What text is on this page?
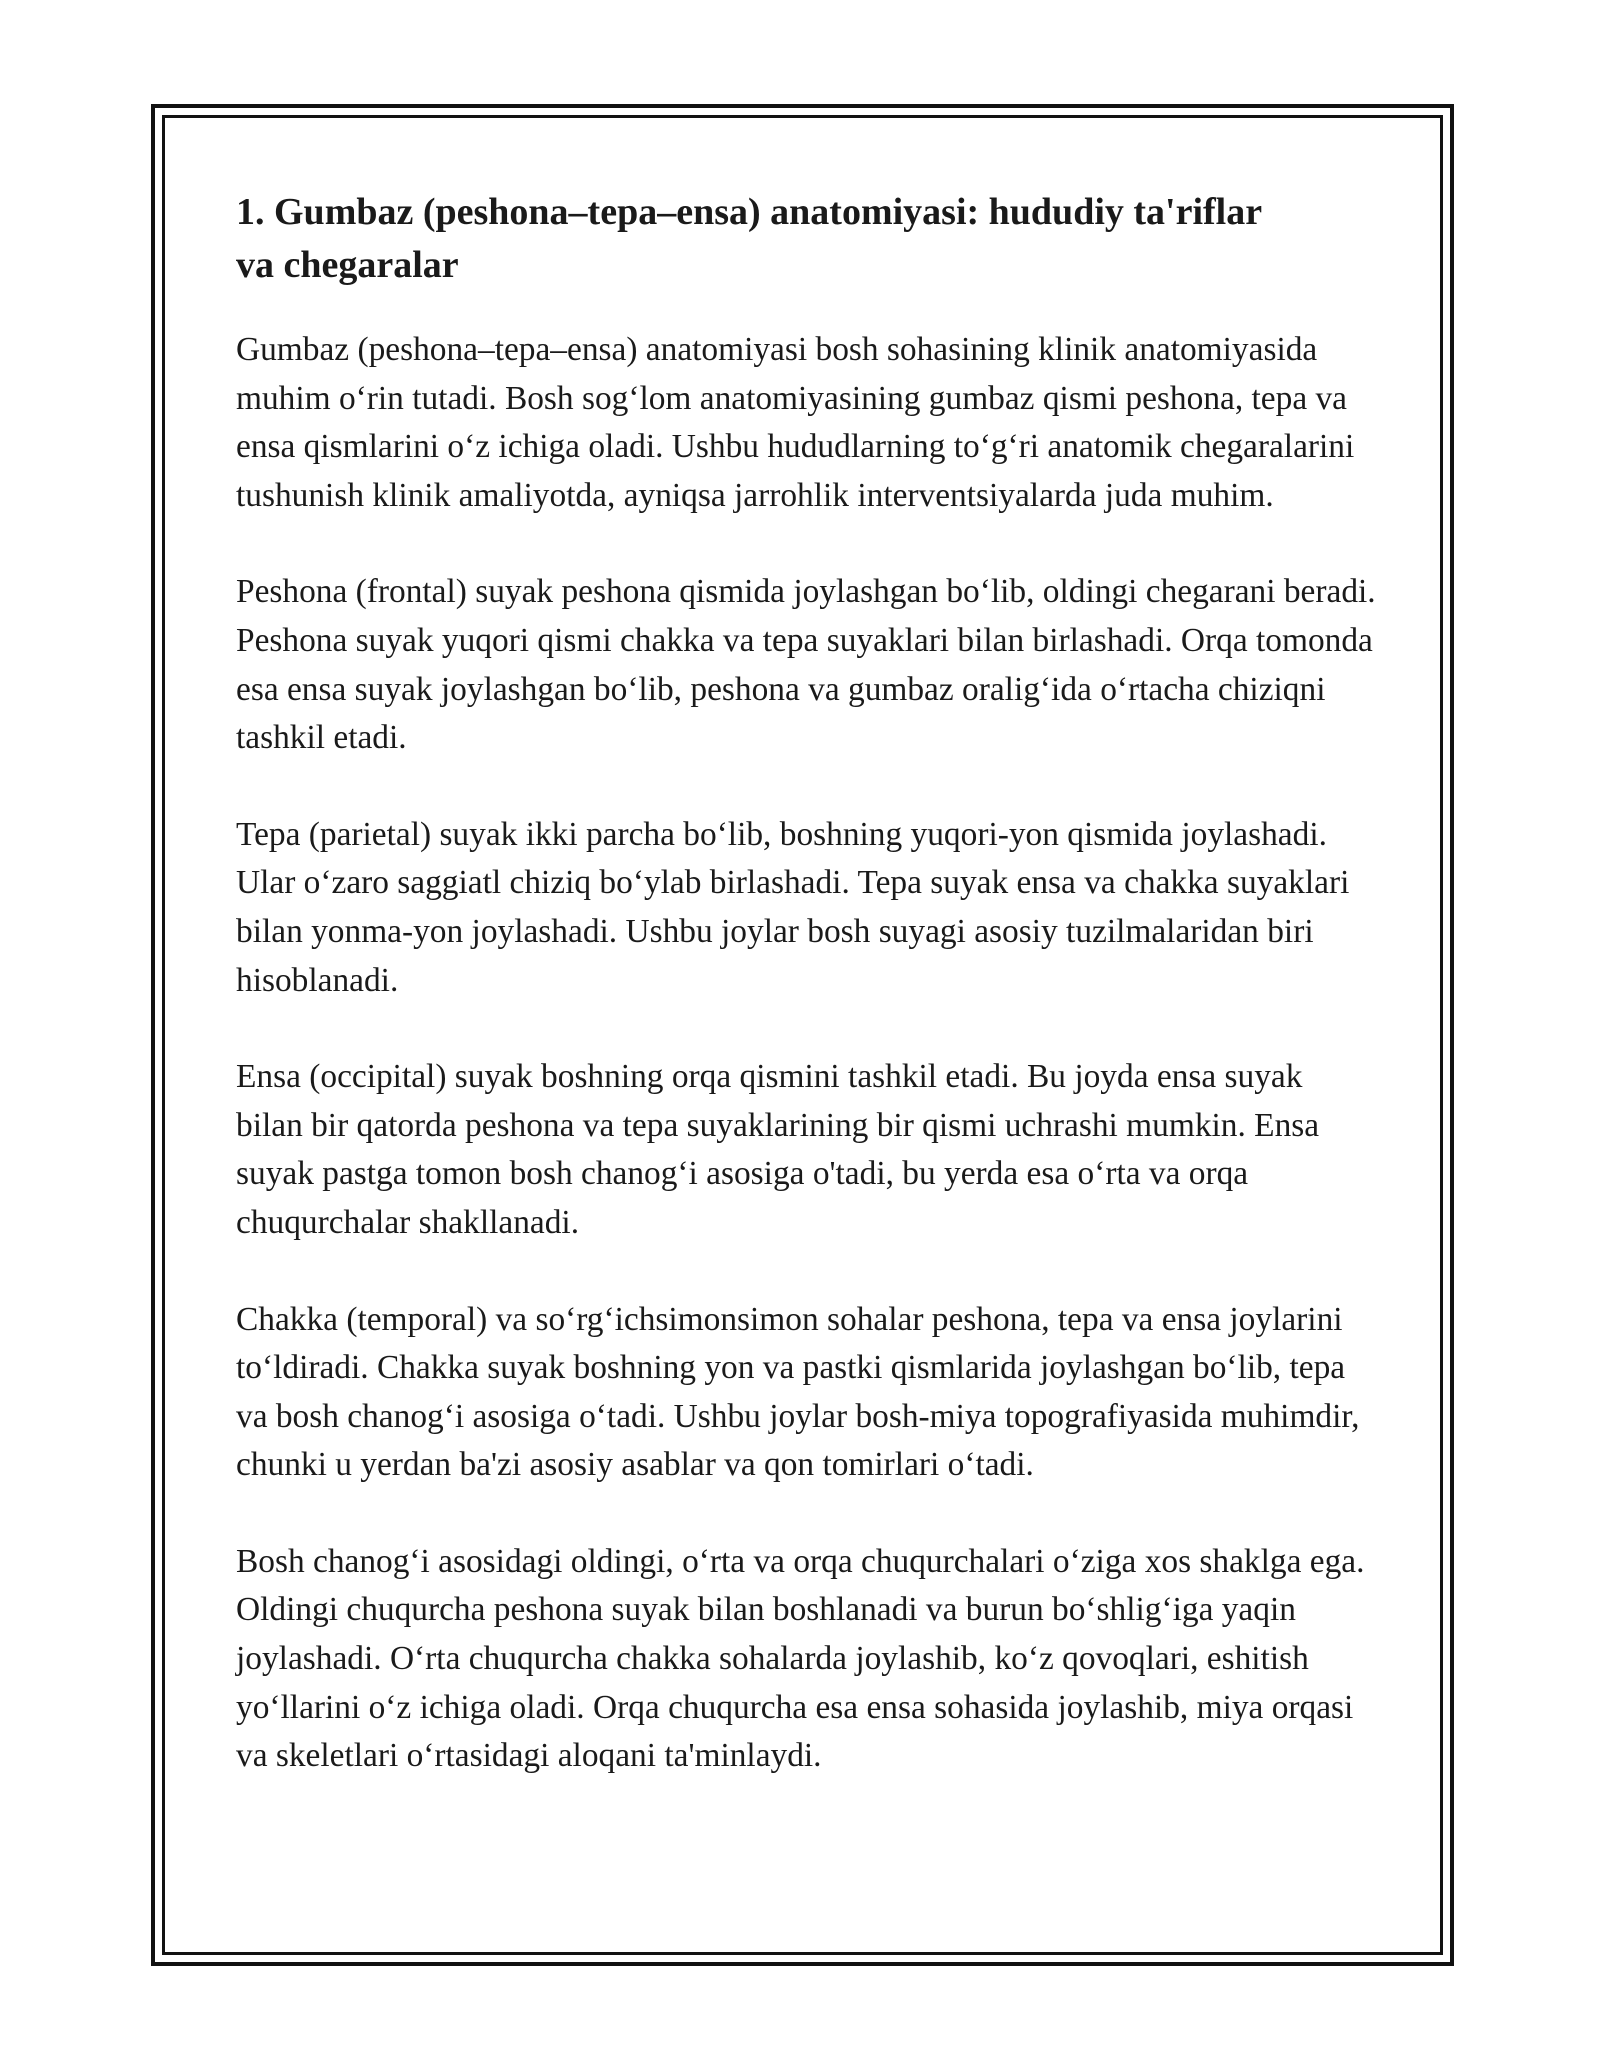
1. Gumbaz (peshona–tepa–ensa) anatomiyasi: hududiy ta'riflar va chegaralar

Gumbaz (peshona–tepa–ensa) anatomiyasi bosh sohasining klinik anatomiyasida muhim o‘rin tutadi. Bosh sog‘lom anatomiyasining gumbaz qismi peshona, tepa va ensa qismlarini o‘z ichiga oladi. Ushbu hududlarning to‘g‘ri anatomik chegaralarini tushunish klinik amaliyotda, ayniqsa jarrohlik interventsiyalarda juda muhim.

Peshona (frontal) suyak peshona qismida joylashgan bo‘lib, oldingi chegarani beradi. Peshona suyak yuqori qismi chakka va tepa suyaklari bilan birlashadi. Orqa tomonda esa ensa suyak joylashgan bo‘lib, peshona va gumbaz oralig‘ida o‘rtacha chiziqni tashkil etadi.

Tepa (parietal) suyak ikki parcha bo‘lib, boshning yuqori-yon qismida joylashadi. Ular o‘zaro saggiatl chiziq bo‘ylab birlashadi. Tepa suyak ensa va chakka suyaklari bilan yonma-yon joylashadi. Ushbu joylar bosh suyagi asosiy tuzilmalaridan biri hisoblanadi.

Ensa (occipital) suyak boshning orqa qismini tashkil etadi. Bu joyda ensa suyak bilan bir qatorda peshona va tepa suyaklarining bir qismi uchrashi mumkin. Ensa suyak pastga tomon bosh chanog‘i asosiga o'tadi, bu yerda esa o‘rta va orqa chuqurchalar shakllanadi.

Chakka (temporal) va so‘rg‘ichsimonsimon sohalar peshona, tepa va ensa joylarini to‘ldiradi. Chakka suyak boshning yon va pastki qismlarida joylashgan bo‘lib, tepa va bosh chanog‘i asosiga o‘tadi. Ushbu joylar bosh-miya topografiyasida muhimdir, chunki u yerdan ba'zi asosiy asablar va qon tomirlari o‘tadi.

Bosh chanog‘i asosidagi oldingi, o‘rta va orqa chuqurchalari o‘ziga xos shaklga ega. Oldingi chuqurcha peshona suyak bilan boshlanadi va burun bo‘shlig‘iga yaqin joylashadi. O‘rta chuqurcha chakka sohalarda joylashib, ko‘z qovoqlari, eshitish yo‘llarini o‘z ichiga oladi. Orqa chuqurcha esa ensa sohasida joylashib, miya orqasi va skeletlari o‘rtasidagi aloqani ta'minlaydi.
